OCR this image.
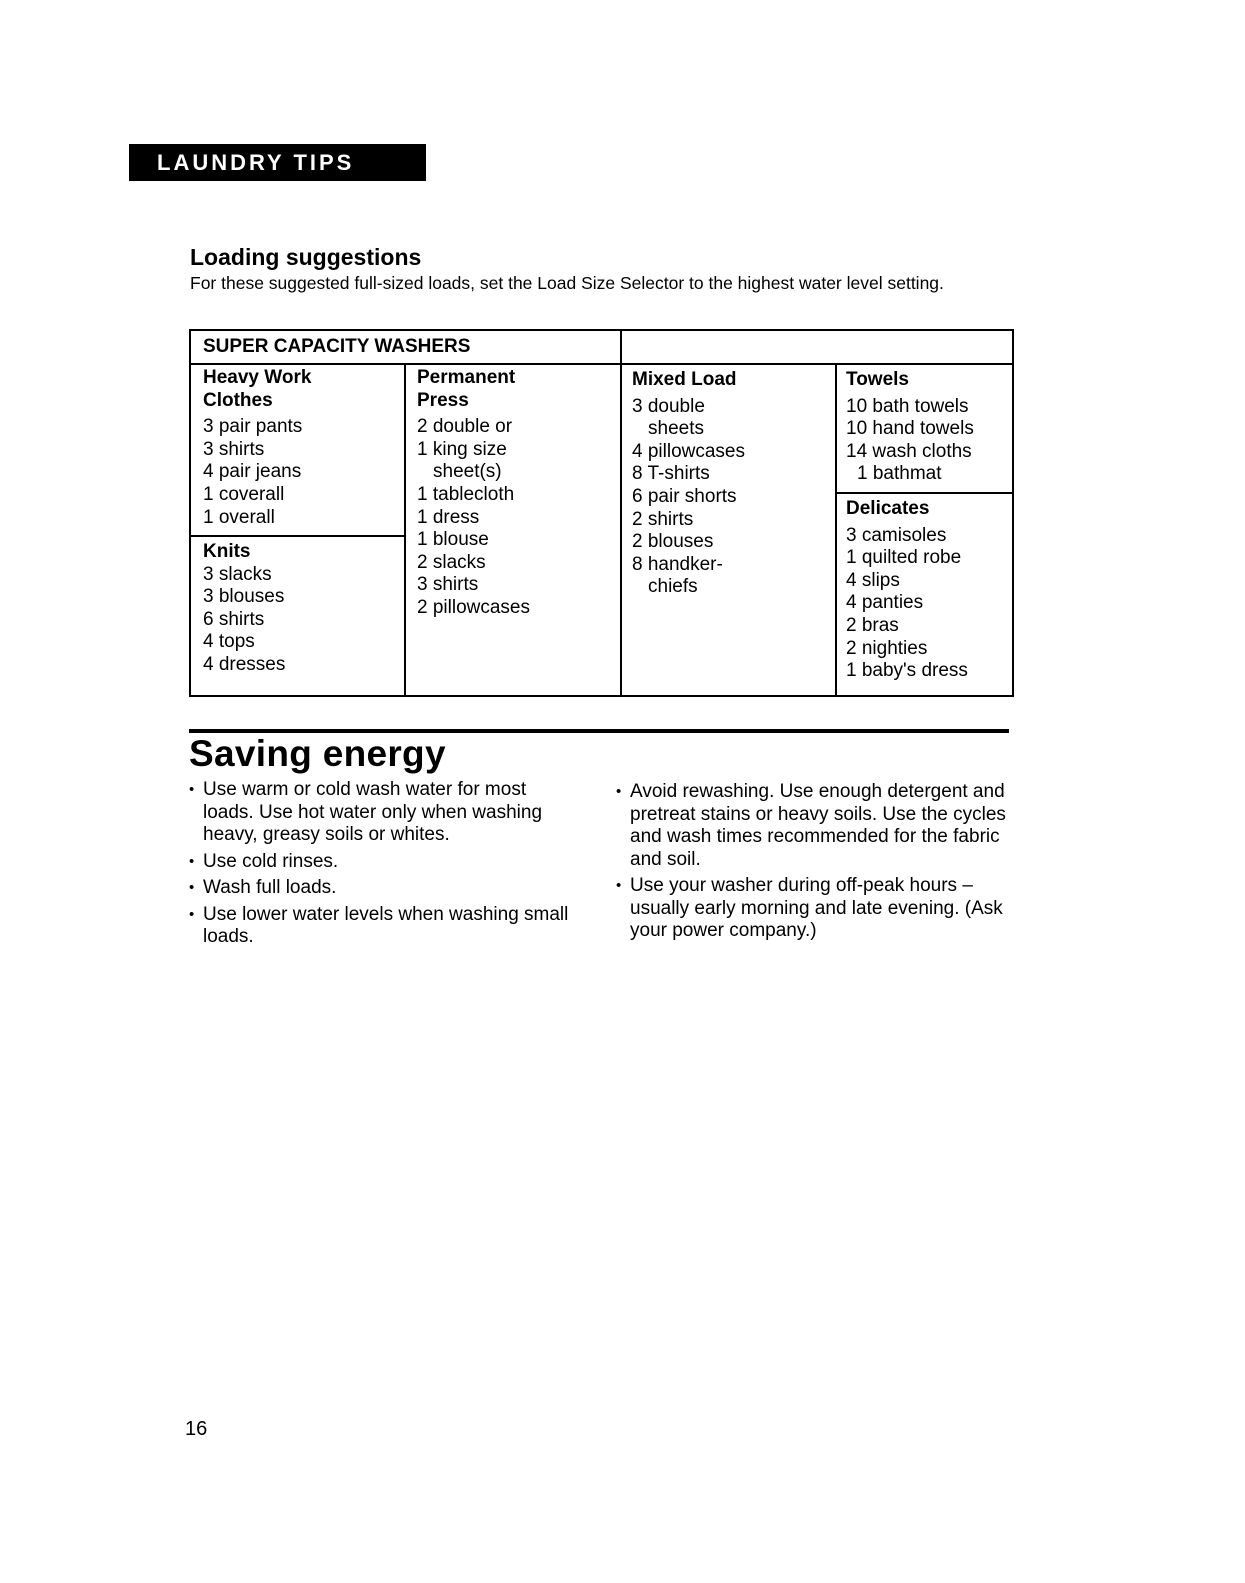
LAUNDRY TIPS
Loading suggestions
For these suggested full-sized loads, set the Load Size Selector to the highest water level setting.
SUPER CAPACITY WASHERS
Heavy Work
Clothes
3 pair pants
3 shirts
4 pair jeans
1 coverall
1 overall
Knits
3 slacks
3 blouses
6 shirts
4 tops
4 dresses
Permanent
Press
2 double or
1 king size
sheet(s)
1 tablecloth
1 dress
1 blouse
2 slacks
3 shirts
2 pillowcases
Mixed Load
3 double
sheets
4 pillowcases
8 T-shirts
6 pair shorts
2 shirts
2 blouses
8 handker-
chiefs
Towels
10 bath towels
10 hand towels
14 wash cloths
1 bathmat
Delicates
3 camisoles
1 quilted robe
4 slips
4 panties
2 bras
2 nighties
1 baby's dress
Saving energy
• Use warm or cold wash water for most loads. Use hot water only when washing heavy, greasy soils or whites.
• Use cold rinses.
• Wash full loads.
• Use lower water levels when washing small loads.
• Avoid rewashing. Use enough detergent and pretreat stains or heavy soils. Use the cycles and wash times recommended for the fabric and soil.
• Use your washer during off-peak hours – usually early morning and late evening. (Ask your power company.)
16
